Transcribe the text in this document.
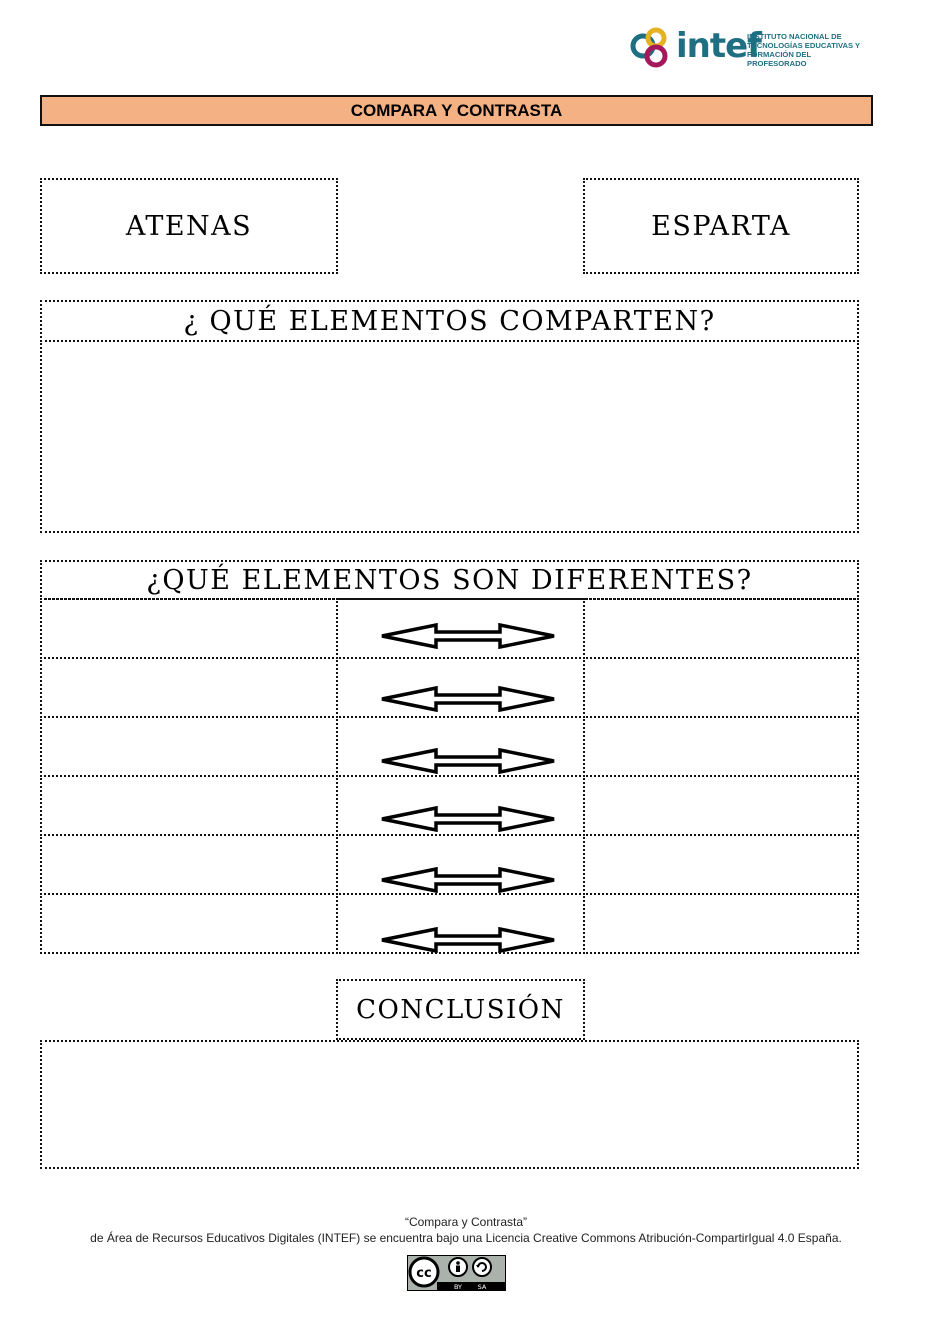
intef
INSTITUTO NACIONAL DE
TECNOLOGÍAS EDUCATIVAS Y
FORMACIÓN DEL PROFESORADO
COMPARA Y CONTRASTA
ATENAS	ESPARTA
¿ QUÉ ELEMENTOS COMPARTEN?
¿QUÉ ELEMENTOS SON DIFERENTES?
CONCLUSIÓN
“Compara y Contrasta”
de Área de Recursos Educativos Digitales (INTEF) se encuentra bajo una Licencia Creative Commons Atribución-CompartirIgual 4.0 España.
cc
BY SA
